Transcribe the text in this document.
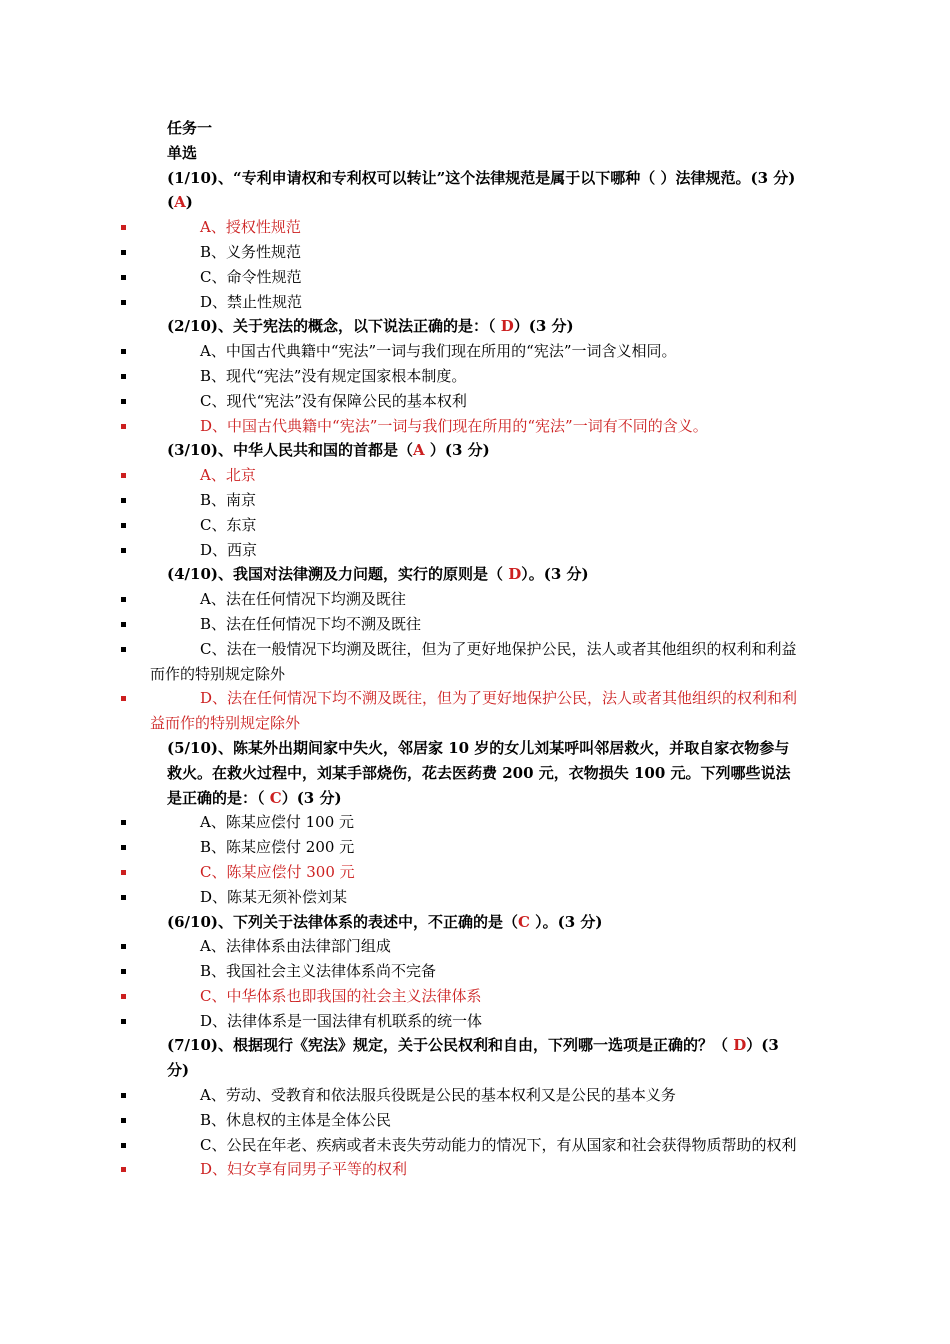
任务一
单选
(1/10)、“专利申请权和专利权可以转让”这个法律规范是属于以下哪种（ ）法律规范。(3 分)(A)
A、授权性规范
B、义务性规范
C、命令性规范
D、禁止性规范
(2/10)、关于宪法的概念，以下说法正确的是：（ D）(3 分)
A、中国古代典籍中“宪法”一词与我们现在所用的“宪法”一词含义相同。
B、现代“宪法”没有规定国家根本制度。
C、现代“宪法”没有保障公民的基本权利
D、中国古代典籍中“宪法”一词与我们现在所用的“宪法”一词有不同的含义。
(3/10)、中华人民共和国的首都是（A ）(3 分)
A、北京
B、南京
C、东京
D、西京
(4/10)、我国对法律溯及力问题，实行的原则是（ D）。(3 分)
A、法在任何情况下均溯及既往
B、法在任何情况下均不溯及既往
C、法在一般情况下均溯及既往，但为了更好地保护公民，法人或者其他组织的权利和利益而作的特别规定除外
D、法在任何情况下均不溯及既往，但为了更好地保护公民，法人或者其他组织的权利和利益而作的特别规定除外
(5/10)、陈某外出期间家中失火，邻居家 10 岁的女儿刘某呼叫邻居救火，并取自家衣物参与救火。在救火过程中，刘某手部烧伤，花去医药费 200 元，衣物损失 100 元。下列哪些说法是正确的是：（ C）(3 分)
A、陈某应偿付 100 元
B、陈某应偿付 200 元
C、陈某应偿付 300 元
D、陈某无须补偿刘某
(6/10)、下列关于法律体系的表述中，不正确的是（C ）。(3 分)
A、法律体系由法律部门组成
B、我国社会主义法律体系尚不完备
C、中华体系也即我国的社会主义法律体系
D、法律体系是一国法律有机联系的统一体
(7/10)、根据现行《宪法》规定，关于公民权利和自由，下列哪一选项是正确的？（ D）(3 分)
A、劳动、受教育和依法服兵役既是公民的基本权利又是公民的基本义务
B、休息权的主体是全体公民
C、公民在年老、疾病或者未丧失劳动能力的情况下，有从国家和社会获得物质帮助的权利
D、妇女享有同男子平等的权利
